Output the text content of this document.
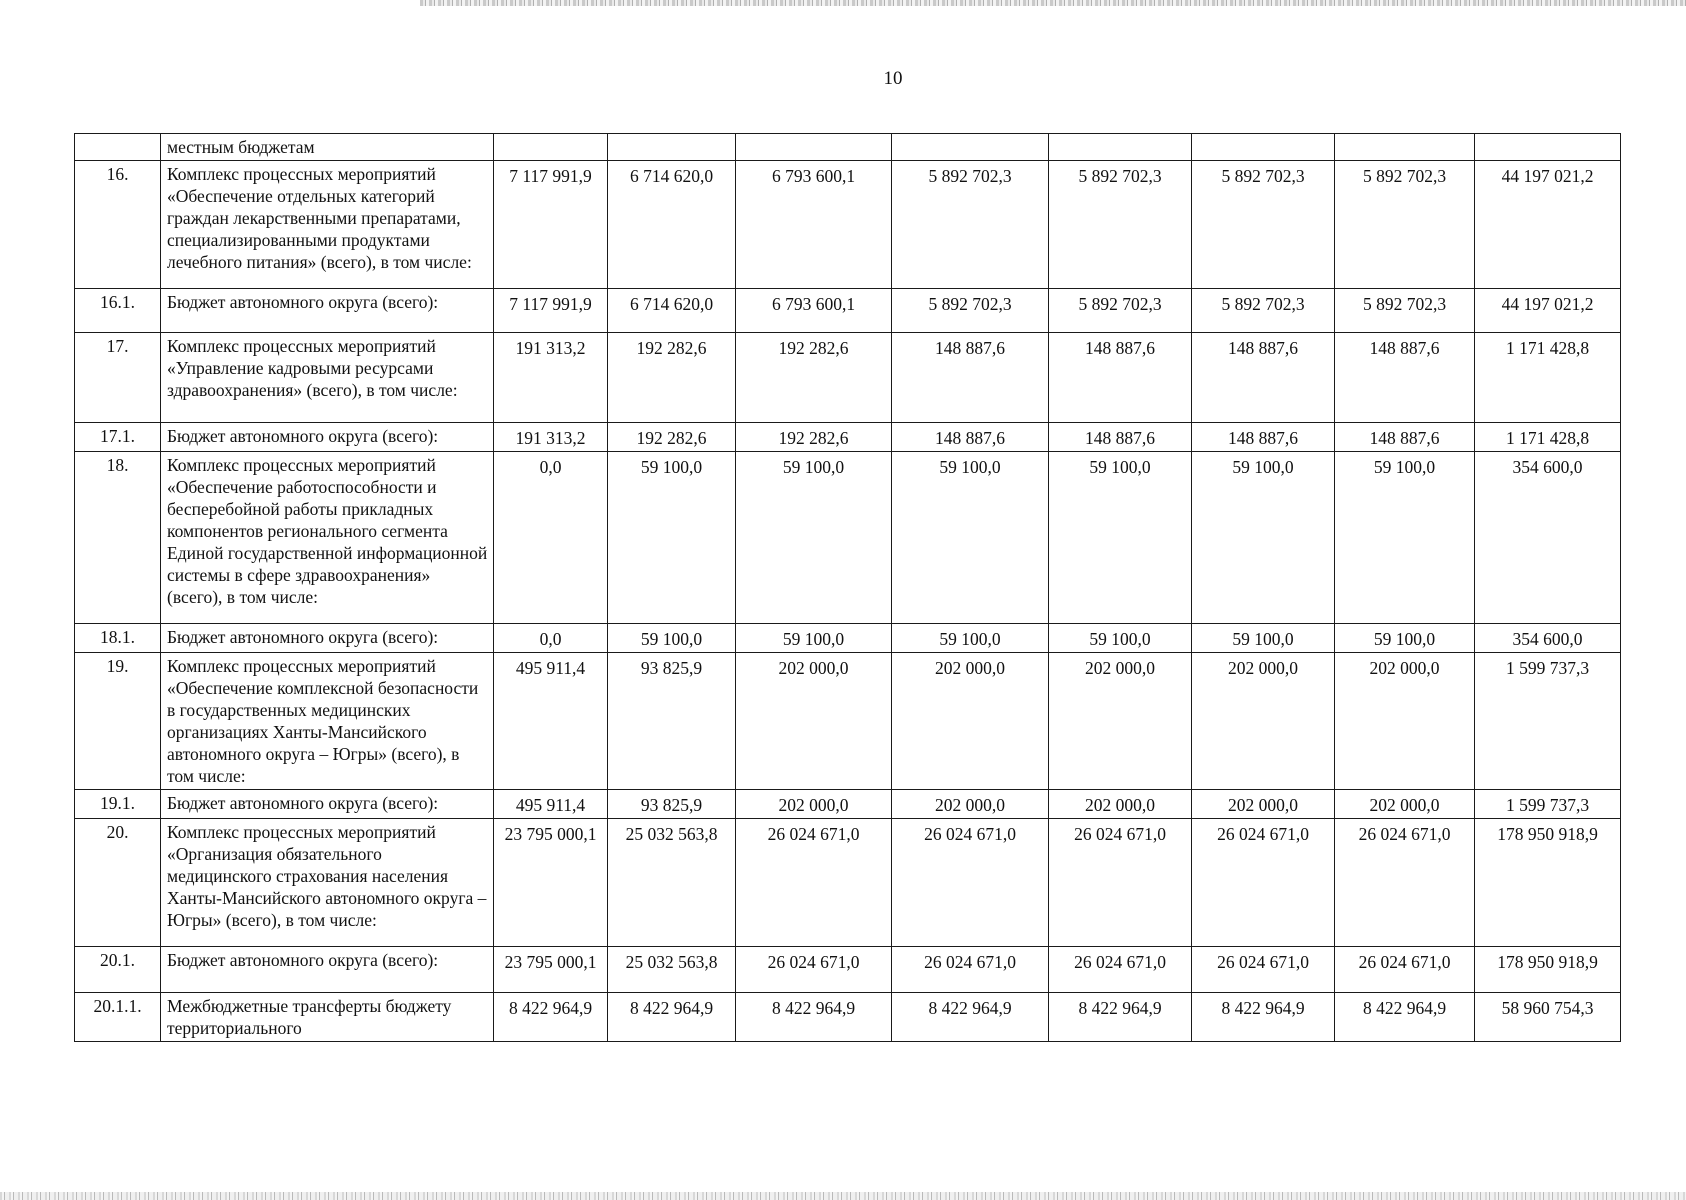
10
	местным бюджетам								
16.	Комплекс процессных мероприятий «Обеспечение отдельных категорий граждан лекарственными препаратами, специализированными продуктами лечебного питания» (всего), в том числе:	7 117 991,9	6 714 620,0	6 793 600,1	5 892 702,3	5 892 702,3	5 892 702,3	5 892 702,3	44 197 021,2
16.1.	Бюджет автономного округа (всего):	7 117 991,9	6 714 620,0	6 793 600,1	5 892 702,3	5 892 702,3	5 892 702,3	5 892 702,3	44 197 021,2
17.	Комплекс процессных мероприятий «Управление кадровыми ресурсами здравоохранения» (всего), в том числе:	191 313,2	192 282,6	192 282,6	148 887,6	148 887,6	148 887,6	148 887,6	1 171 428,8
17.1.	Бюджет автономного округа (всего):	191 313,2	192 282,6	192 282,6	148 887,6	148 887,6	148 887,6	148 887,6	1 171 428,8
18.	Комплекс процессных мероприятий «Обеспечение работоспособности и бесперебойной работы прикладных компонентов регионального сегмента Единой государственной информационной системы в сфере здравоохранения» (всего), в том числе:	0,0	59 100,0	59 100,0	59 100,0	59 100,0	59 100,0	59 100,0	354 600,0
18.1.	Бюджет автономного округа (всего):	0,0	59 100,0	59 100,0	59 100,0	59 100,0	59 100,0	59 100,0	354 600,0
19.	Комплекс процессных мероприятий «Обеспечение комплексной безопасности в государственных медицинских организациях Ханты-Мансийского автономного округа – Югры» (всего), в том числе:	495 911,4	93 825,9	202 000,0	202 000,0	202 000,0	202 000,0	202 000,0	1 599 737,3
19.1.	Бюджет автономного округа (всего):	495 911,4	93 825,9	202 000,0	202 000,0	202 000,0	202 000,0	202 000,0	1 599 737,3
20.	Комплекс процессных мероприятий «Организация обязательного медицинского страхования населения Ханты-Мансийского автономного округа – Югры» (всего), в том числе:	23 795 000,1	25 032 563,8	26 024 671,0	26 024 671,0	26 024 671,0	26 024 671,0	26 024 671,0	178 950 918,9
20.1.	Бюджет автономного округа (всего):	23 795 000,1	25 032 563,8	26 024 671,0	26 024 671,0	26 024 671,0	26 024 671,0	26 024 671,0	178 950 918,9
20.1.1.	Межбюджетные трансферты бюджету территориального	8 422 964,9	8 422 964,9	8 422 964,9	8 422 964,9	8 422 964,9	8 422 964,9	8 422 964,9	58 960 754,3
